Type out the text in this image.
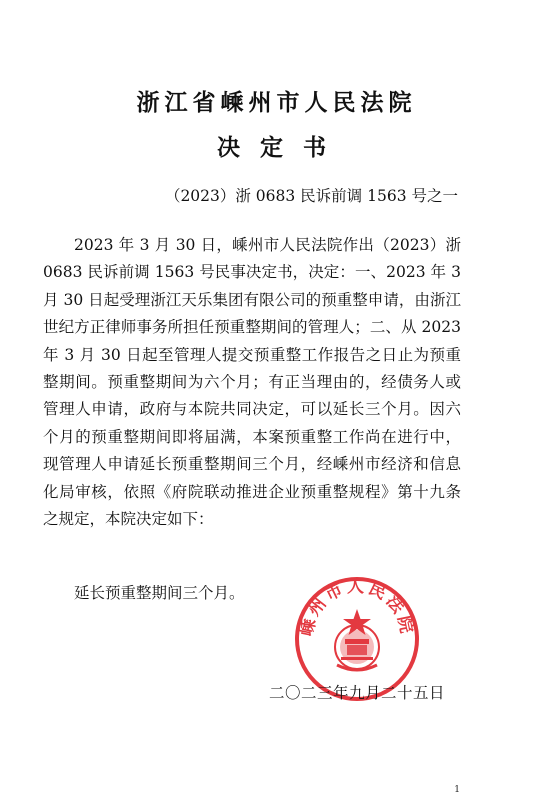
浙江省嵊州市人民法院
决定书
（2023）浙 0683 民诉前调 1563 号之一
2023 年 3 月 30 日，嵊州市人民法院作出（2023）浙 0683 民诉前调 1563 号民事决定书，决定：一、2023 年 3 月 30 日起受理浙江天乐集团有限公司的预重整申请，由浙江世纪方正律师事务所担任预重整期间的管理人；二、从 2023 年 3 月 30 日起至管理人提交预重整工作报告之日止为预重整期间。预重整期间为六个月；有正当理由的，经债务人或管理人申请，政府与本院共同决定，可以延长三个月。因六个月的预重整期间即将届满，本案预重整工作尚在进行中，现管理人申请延长预重整期间三个月，经嵊州市经济和信息化局审核，依照《府院联动推进企业预重整规程》第十九条之规定，本院决定如下：
延长预重整期间三个月。
嵊州市人民法院
二〇二三年九月二十五日
1
